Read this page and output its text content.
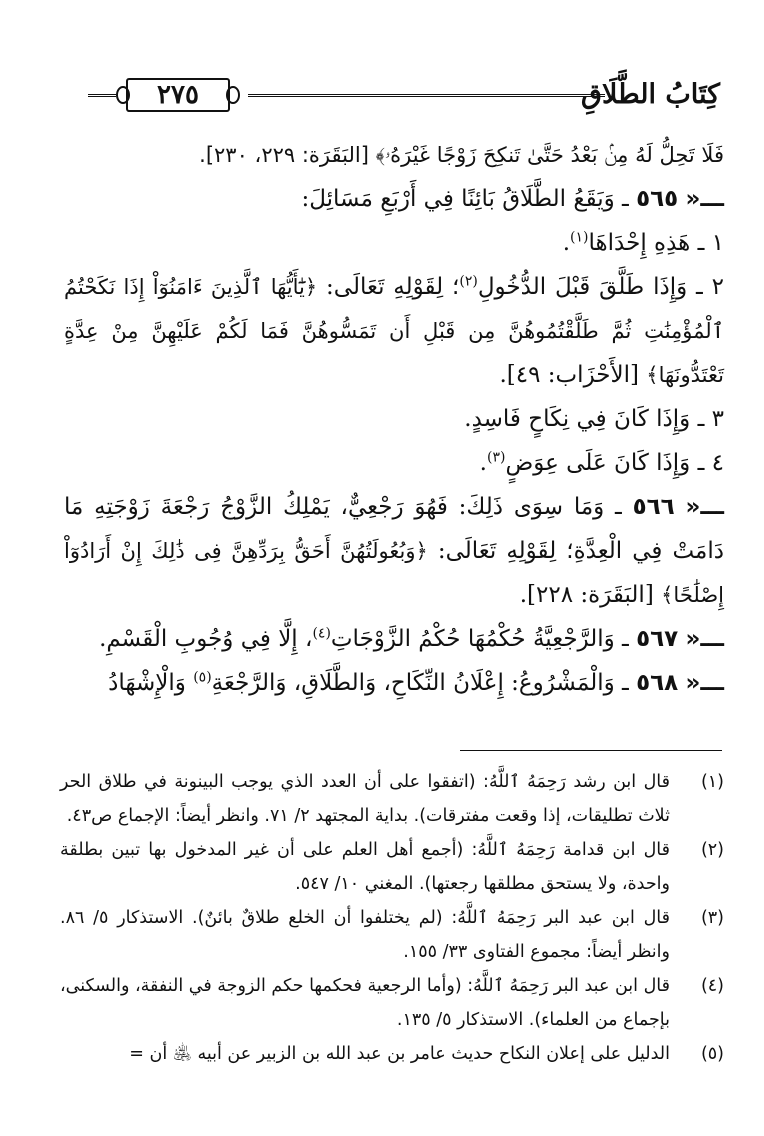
كِتَابُ الطَّلَاقِ
٢٧٥

فَلَا تَحِلُّ لَهُ مِنۢ بَعْدُ حَتَّىٰ تَنكِحَ زَوْجًا غَيْرَهُۥ﴾ [البَقَرَة: ٢٢٩، ٢٣٠].

ـــ« ٥٦٥ ـ وَيَقَعُ الطَّلَاقُ بَائِنًا فِي أَرْبَعِ مَسَائِلَ:

١ ـ هَذِهِ إِحْدَاهَا$^{(١)}$.

٢ ـ وَإِذَا طَلَّقَ قَبْلَ الدُّخُولِ$^{(٢)}$؛ لِقَوْلِهِ تَعَالَى: ﴿يَٰٓأَيُّهَا ٱلَّذِينَ ءَامَنُوٓاْ إِذَا نَكَحْتُمُ ٱلْمُؤْمِنَٰتِ ثُمَّ طَلَّقْتُمُوهُنَّ مِن قَبْلِ أَن تَمَسُّوهُنَّ فَمَا لَكُمْ عَلَيْهِنَّ مِنْ عِدَّةٍ تَعْتَدُّونَهَا﴾ [الأَحْزَاب: ٤٩].

٣ ـ وَإِذَا كَانَ فِي نِكَاحٍ فَاسِدٍ.

٤ ـ وَإِذَا كَانَ عَلَى عِوَضٍ$^{(٣)}$.

ـــ« ٥٦٦ ـ وَمَا سِوَى ذَلِكَ: فَهُوَ رَجْعِيٌّ، يَمْلِكُ الزَّوْجُ رَجْعَةَ زَوْجَتِهِ مَا دَامَتْ فِي الْعِدَّةِ؛ لِقَوْلِهِ تَعَالَى: ﴿وَبُعُولَتُهُنَّ أَحَقُّ بِرَدِّهِنَّ فِى ذَٰلِكَ إِنْ أَرَادُوٓاْ إِصْلَٰحًا﴾ [البَقَرَة: ٢٢٨].

ـــ« ٥٦٧ ـ وَالرَّجْعِيَّةُ حُكْمُهَا حُكْمُ الزَّوْجَاتِ$^{(٤)}$، إِلَّا فِي وُجُوبِ الْقَسْمِ.

ـــ« ٥٦٨ ـ وَالْمَشْرُوعُ: إِعْلَانُ النِّكَاحِ، وَالطَّلَاقِ، وَالرَّجْعَةِ$^{(٥)}$ وَالْإِشْهَادُ

(١)
قال ابن رشد رَحِمَهُ ٱللَّهُ: (اتفقوا على أن العدد الذي يوجب البينونة في طلاق الحر ثلاث تطليقات، إذا وقعت مفترقات). بداية المجتهد ٢/ ٧١. وانظر أيضاً: الإجماع ص٤٣.
(٢)
قال ابن قدامة رَحِمَهُ ٱللَّهُ: (أجمع أهل العلم على أن غير المدخول بها تبين بطلقة واحدة، ولا يستحق مطلقها رجعتها). المغني ١٠/ ٥٤٧.
(٣)
قال ابن عبد البر رَحِمَهُ ٱللَّهُ: (لم يختلفوا أن الخلع طلاقٌ بائنٌ). الاستذكار ٥/ ٨٦. وانظر أيضاً: مجموع الفتاوى ٣٣/ ١٥٥.
(٤)
قال ابن عبد البر رَحِمَهُ ٱللَّهُ: (وأما الرجعية فحكمها حكم الزوجة في النفقة، والسكنى، بإجماع من العلماء). الاستذكار ٥/ ١٣٥.
(٥)
الدليل على إعلان النكاح حديث عامر بن عبد الله بن الزبير عن أبيه ﵁ أن =
